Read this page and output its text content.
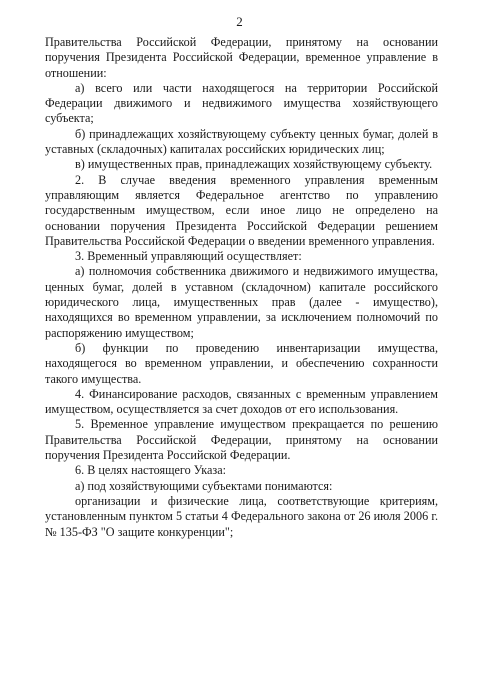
2

Правительства Российской Федерации, принятому на основании поручения Президента Российской Федерации, временное управление в отношении:

а) всего или части находящегося на территории Российской Федерации движимого и недвижимого имущества хозяйствующего субъекта;

б) принадлежащих хозяйствующему субъекту ценных бумаг, долей в уставных (складочных) капиталах российских юридических лиц;

в) имущественных прав, принадлежащих хозяйствующему субъекту.

2. В случае введения временного управления временным управляющим является Федеральное агентство по управлению государственным имуществом, если иное лицо не определено на основании поручения Президента Российской Федерации решением Правительства Российской Федерации о введении временного управления.

3. Временный управляющий осуществляет:

а) полномочия собственника движимого и недвижимого имущества, ценных бумаг, долей в уставном (складочном) капитале российского юридического лица, имущественных прав (далее - имущество), находящихся во временном управлении, за исключением полномочий по распоряжению имуществом;

б) функции по проведению инвентаризации имущества, находящегося во временном управлении, и обеспечению сохранности такого имущества.

4. Финансирование расходов, связанных с временным управлением имуществом, осуществляется за счет доходов от его использования.

5. Временное управление имуществом прекращается по решению Правительства Российской Федерации, принятому на основании поручения Президента Российской Федерации.

6. В целях настоящего Указа:

а) под хозяйствующими субъектами понимаются:

организации и физические лица, соответствующие критериям, установленным пунктом 5 статьи 4 Федерального закона от 26 июля 2006 г. № 135-ФЗ "О защите конкуренции";
